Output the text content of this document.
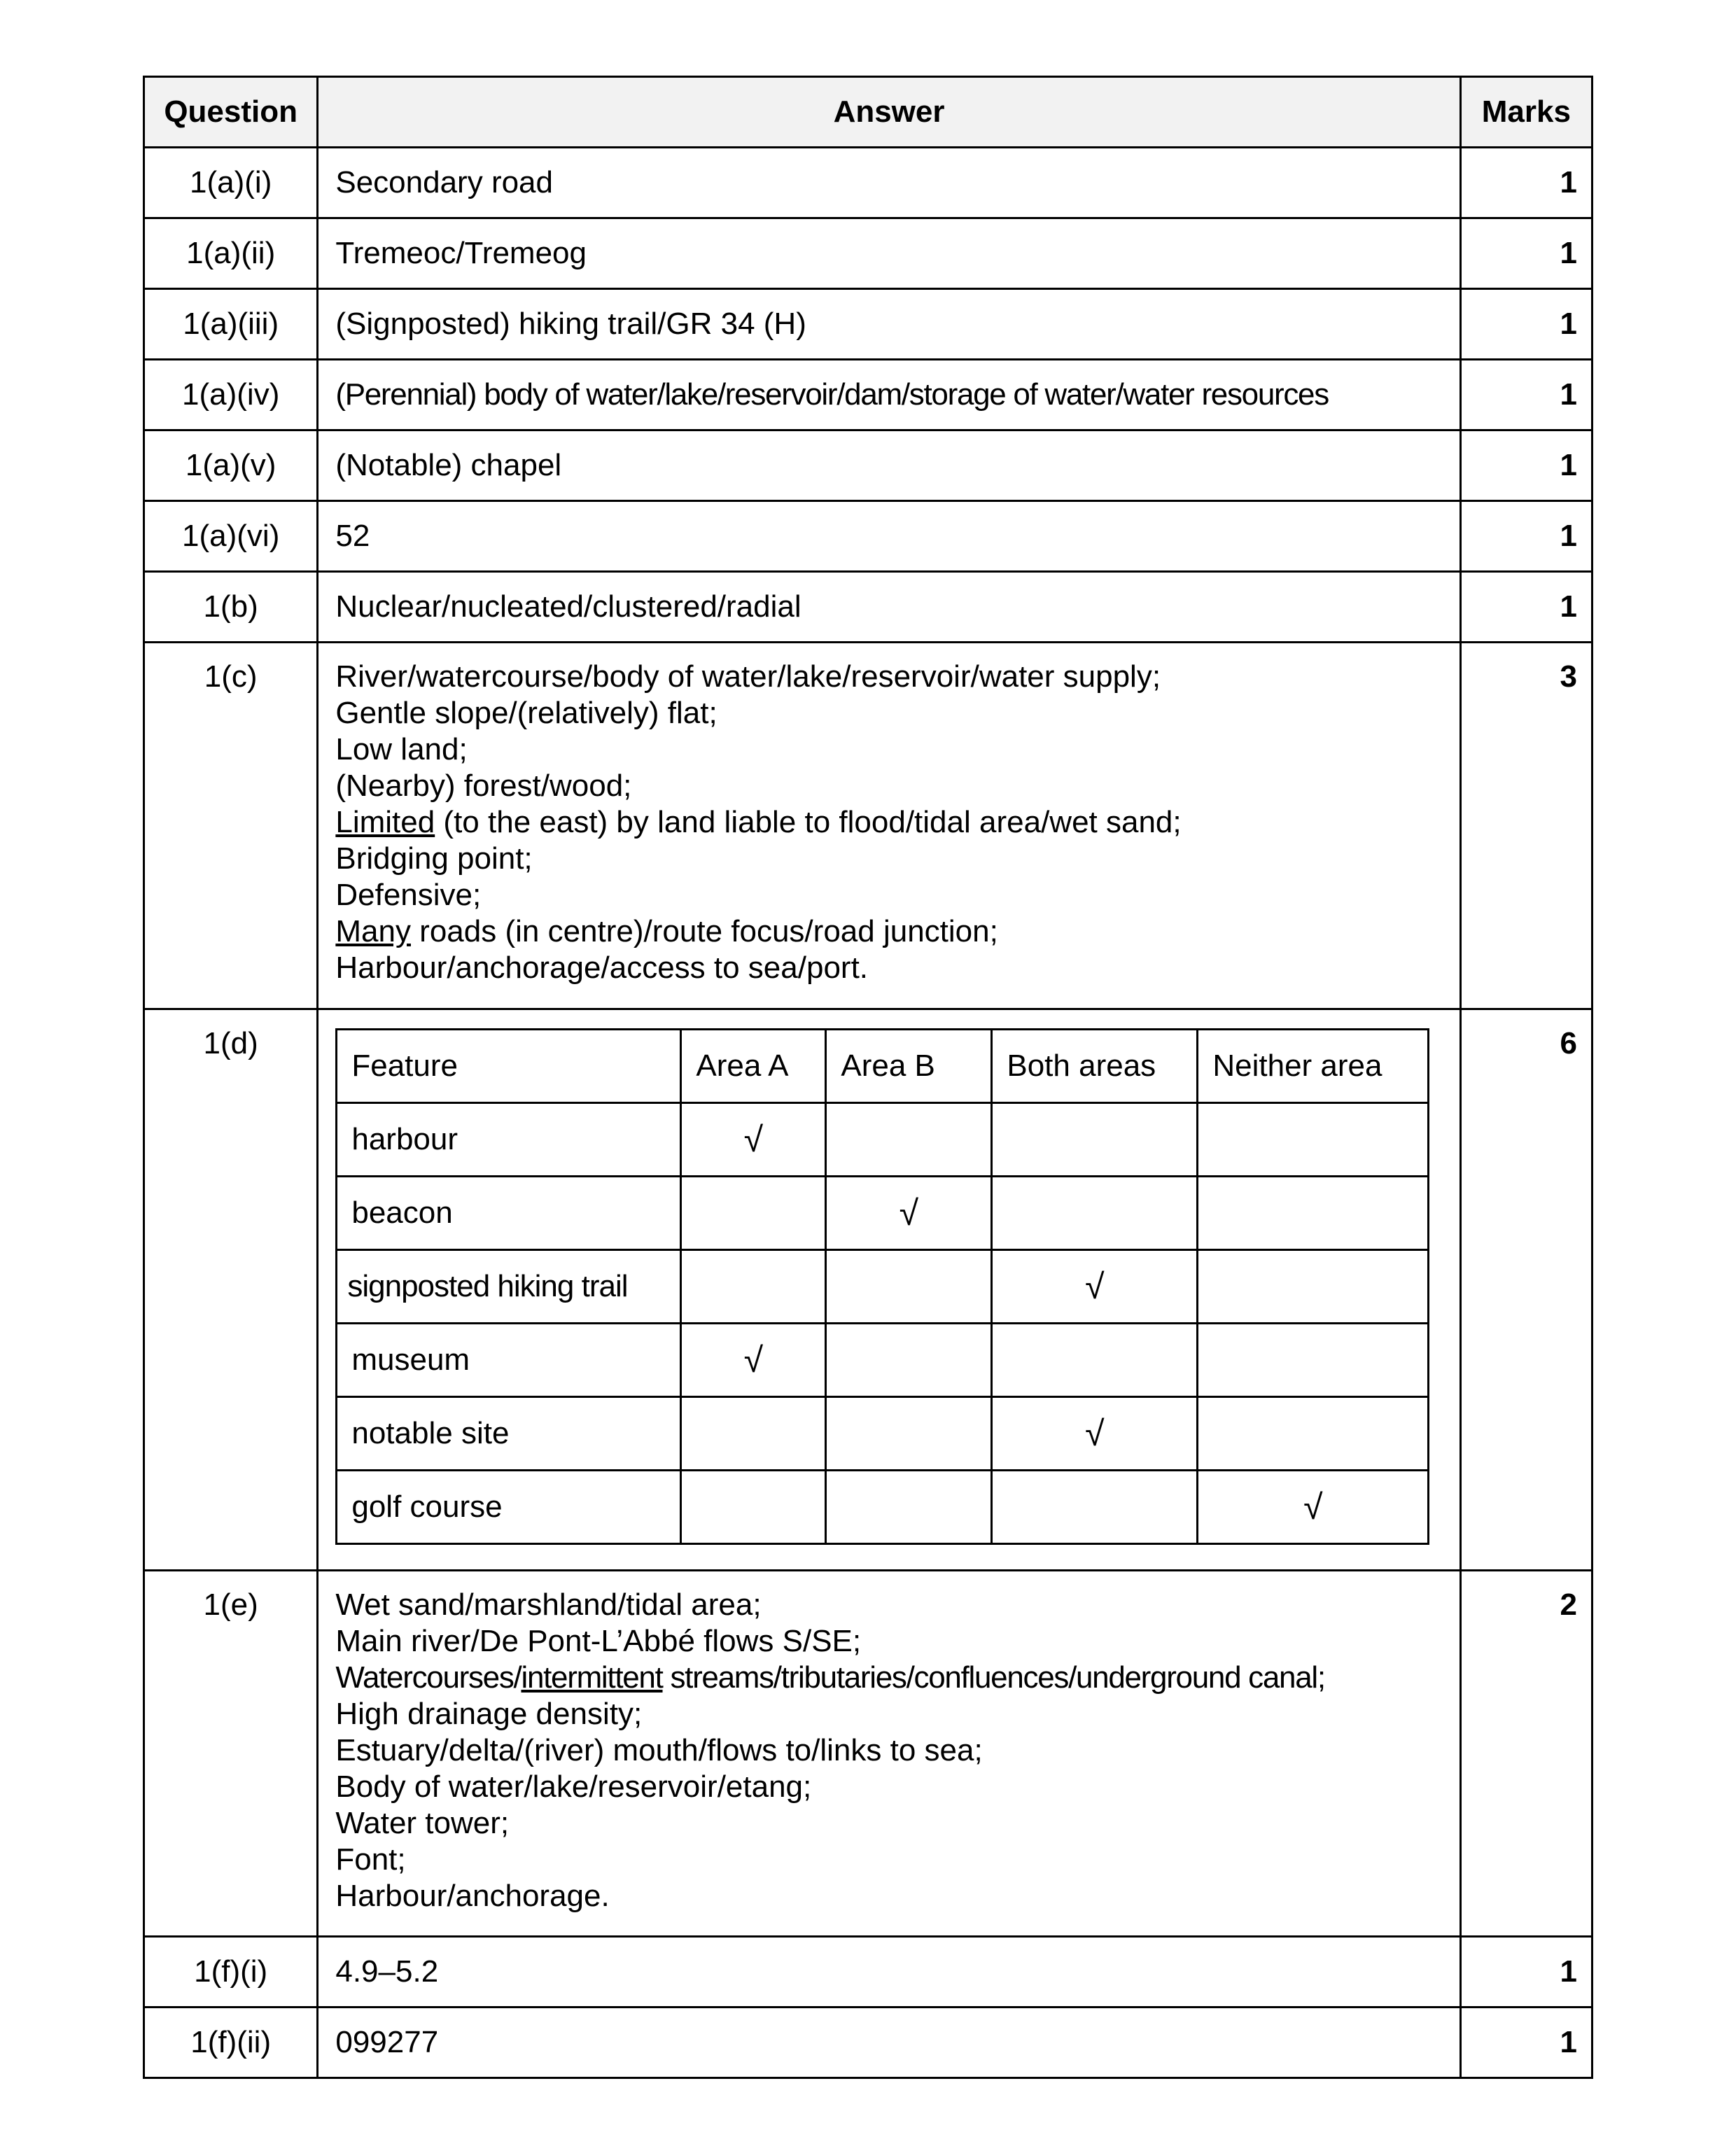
Question	Answer	Marks
1(a)(i)	Secondary road	1
1(a)(ii)	Tremeoc/Tremeog	1
1(a)(iii)	(Signposted) hiking trail/GR 34 (H)	1
1(a)(iv)	(Perennial) body of water/lake/reservoir/dam/storage of water/water resources	1
1(a)(v)	(Notable) chapel	1
1(a)(vi)	52	1
1(b)	Nuclear/nucleated/clustered/radial	1
1(c)	River/watercourse/body of water/lake/reservoir/water supply;
Gentle slope/(relatively) flat;
Low land;
(Nearby) forest/wood;
Limited (to the east) by land liable to flood/tidal area/wet sand;
Bridging point;
Defensive;
Many roads (in centre)/route focus/road junction;
Harbour/anchorage/access to sea/port.
	3
1(d)	
Feature	Area A	Area B	Both areas	Neither area
harbour	√			
beacon		√		
signposted hiking trail			√	
museum	√			
notable site			√	
golf course				√
	6
1(e)	Wet sand/marshland/tidal area;
Main river/De Pont-L’Abbé flows S/SE;
Watercourses/intermittent streams/tributaries/confluences/underground canal;
High drainage density;
Estuary/delta/(river) mouth/flows to/links to sea;
Body of water/lake/reservoir/etang;
Water tower;
Font;
Harbour/anchorage.
	2
1(f)(i)	4.9–5.2	1
1(f)(ii)	099277	1
